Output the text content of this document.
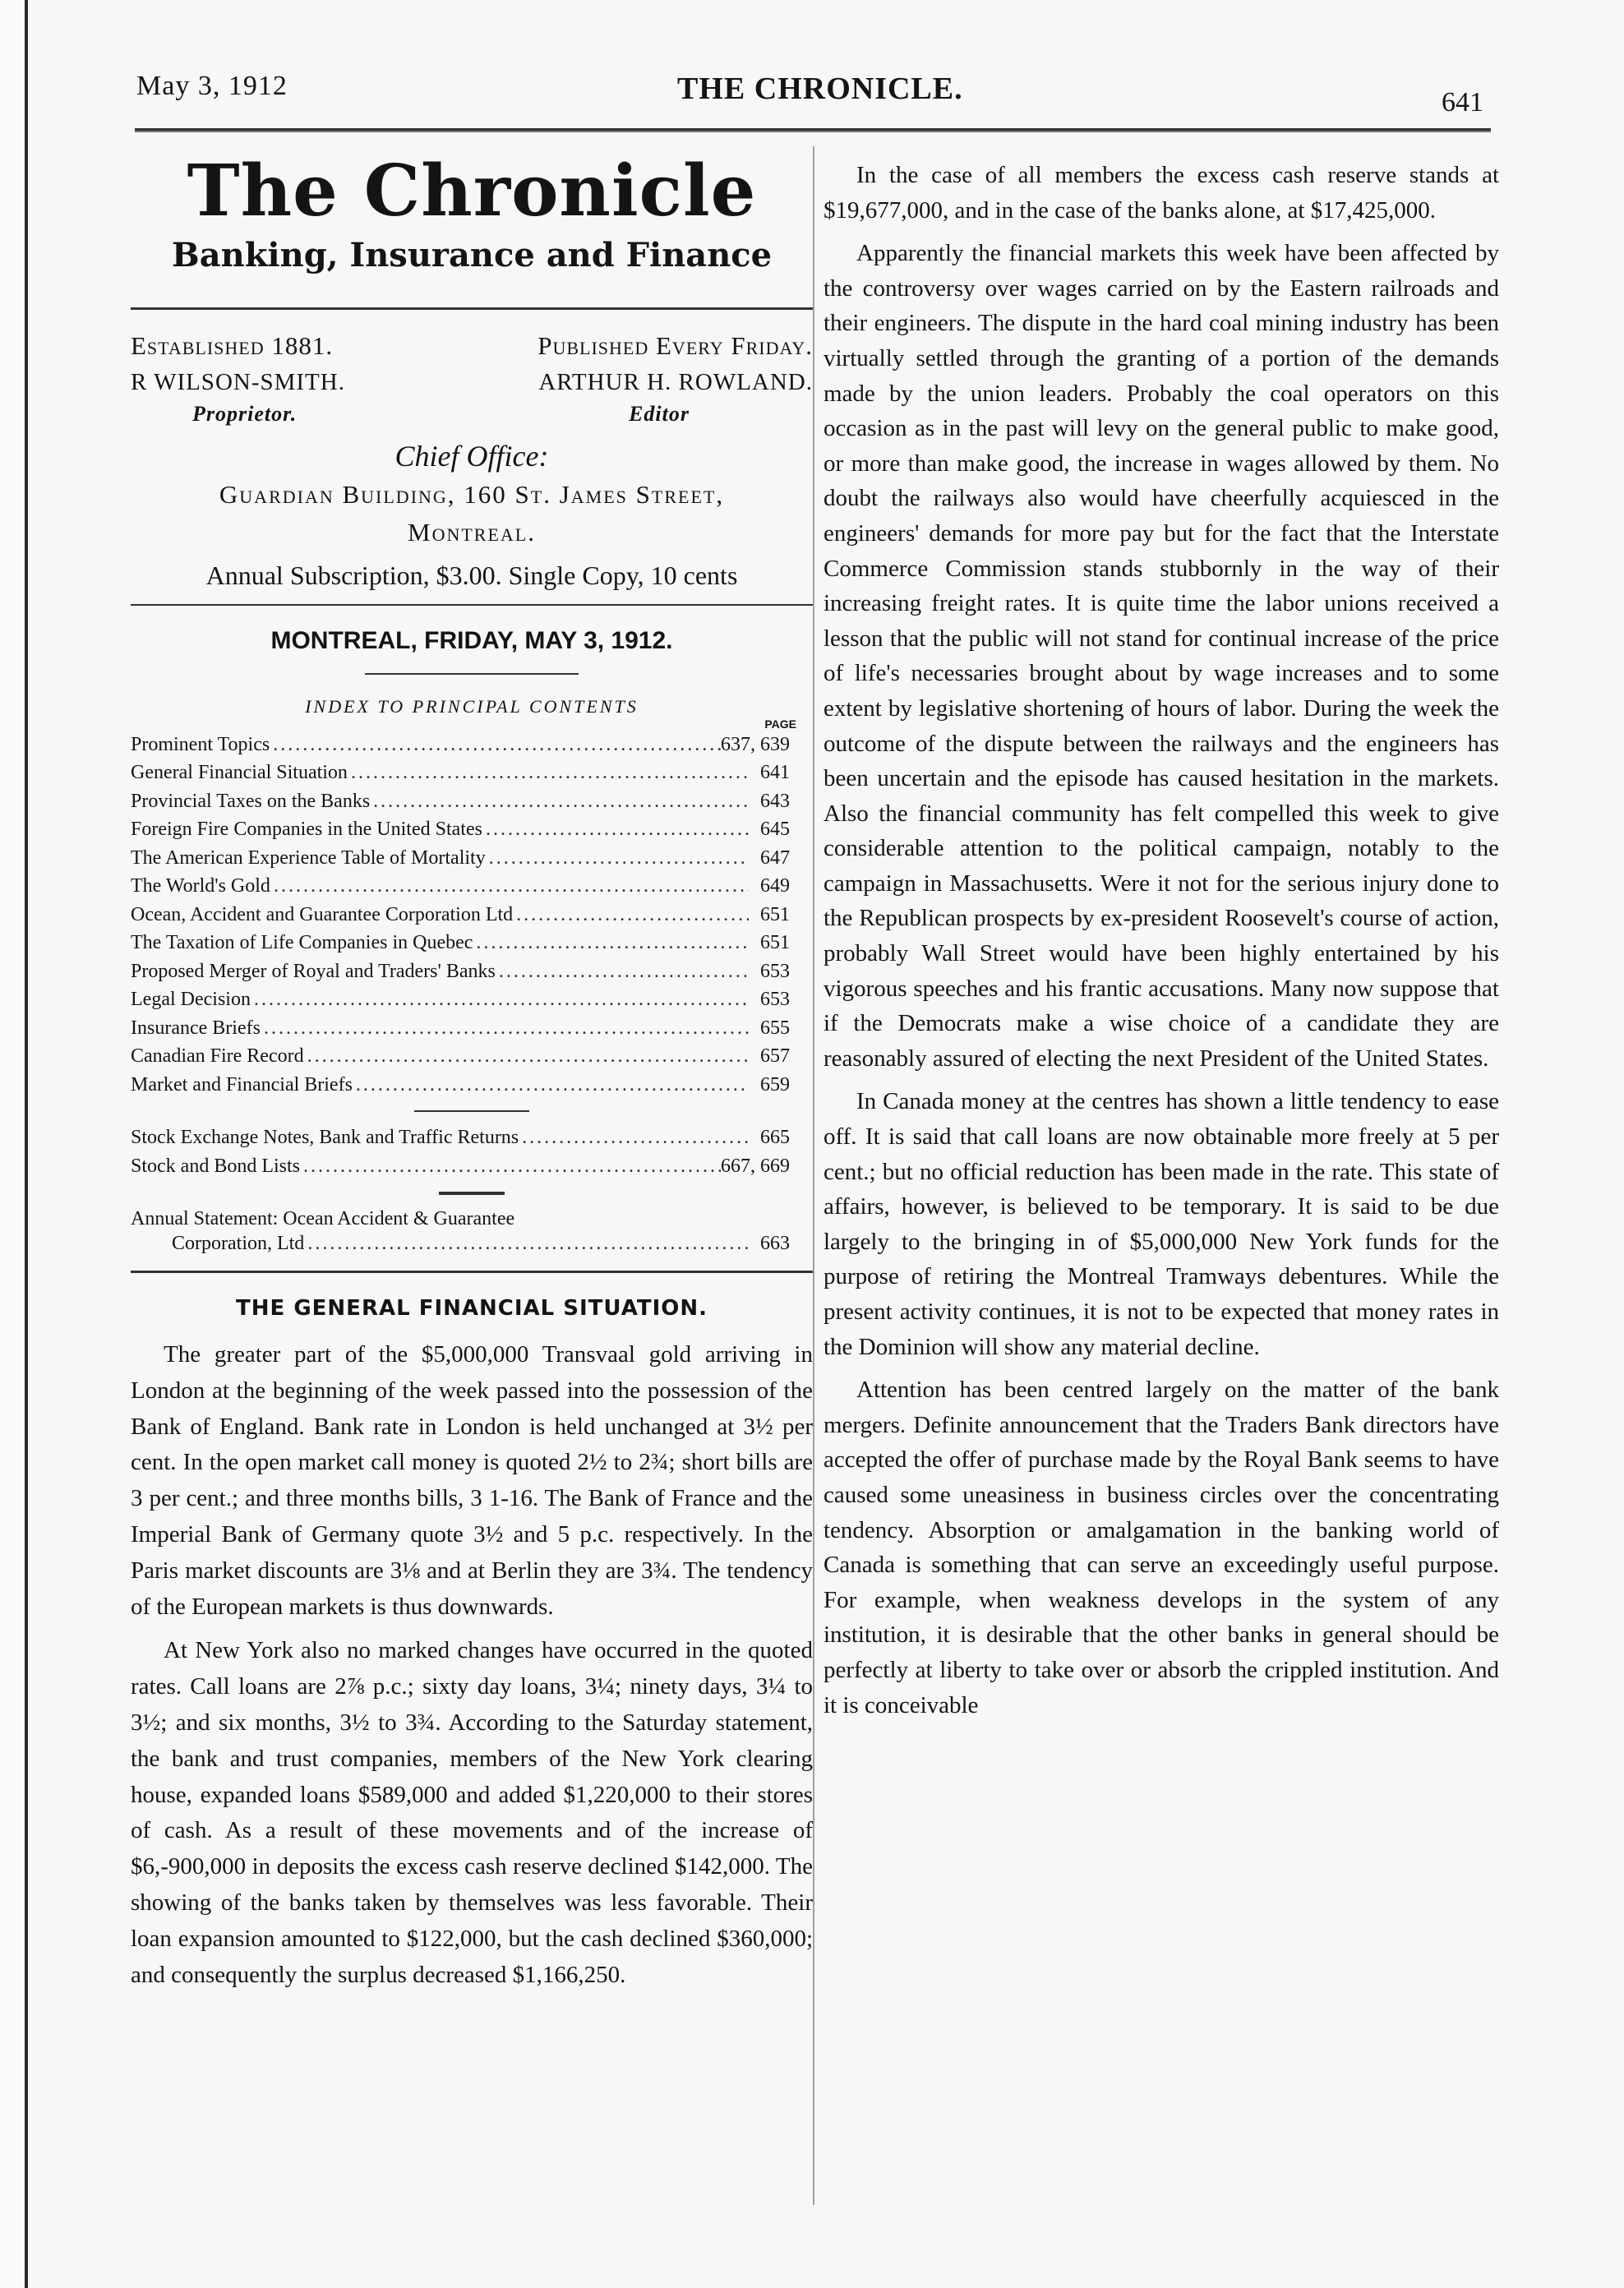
May 3, 1912	THE CHRONICLE.	641
The Chronicle
Banking, Insurance and Finance
Established 1881.	Published Every Friday.
R WILSON-SMITH.	ARTHUR H. ROWLAND.
Proprietor.	Editor
Chief Office:
Guardian Building, 160 St. James Street,
Montreal.
Annual Subscription, $3.00. Single Copy, 10 cents
MONTREAL, FRIDAY, MAY 3, 1912.
INDEX TO PRINCIPAL CONTENTS
PAGE
Prominent Topics .....	637, 639
General Financial Situation .....	641
Provincial Taxes on the Banks .....	643
Foreign Fire Companies in the United States .....	645
The American Experience Table of Mortality .....	647
The World's Gold .....	649
Ocean, Accident and Guarantee Corporation Ltd .....	651
The Taxation of Life Companies in Quebec .....	651
Proposed Merger of Royal and Traders' Banks .....	653
Legal Decision .....	653
Insurance Briefs .....	655
Canadian Fire Record .....	657
Market and Financial Briefs .....	659
Stock Exchange Notes, Bank and Traffic Returns .....	665
Stock and Bond Lists .....	667, 669
Annual Statement: Ocean Accident & Guarantee
Corporation, Ltd .....	663
THE GENERAL FINANCIAL SITUATION.

The greater part of the $5,000,000 Transvaal gold arriving in London at the beginning of the week passed into the possession of the Bank of England. Bank rate in London is held unchanged at 3½ per cent. In the open market call money is quoted 2½ to 2¾; short bills are 3 per cent.; and three months bills, 3 1-16. The Bank of France and the Imperial Bank of Germany quote 3½ and 5 p.c. respectively. In the Paris market discounts are 3⅛ and at Berlin they are 3¾. The tendency of the European markets is thus downwards.

At New York also no marked changes have occurred in the quoted rates. Call loans are 2⅞ p.c.; sixty day loans, 3¼; ninety days, 3¼ to 3½; and six months, 3½ to 3¾. According to the Saturday statement, the bank and trust companies, members of the New York clearing house, expanded loans $589,000 and added $1,220,000 to their stores of cash. As a result of these movements and of the increase of $6,-900,000 in deposits the excess cash reserve declined $142,000. The showing of the banks taken by themselves was less favorable. Their loan expansion amounted to $122,000, but the cash declined $360,000; and consequently the surplus decreased $1,166,250.

In the case of all members the excess cash reserve stands at $19,677,000, and in the case of the banks alone, at $17,425,000.

Apparently the financial markets this week have been affected by the controversy over wages carried on by the Eastern railroads and their engineers. The dispute in the hard coal mining industry has been virtually settled through the granting of a portion of the demands made by the union leaders. Probably the coal operators on this occasion as in the past will levy on the general public to make good, or more than make good, the increase in wages allowed by them. No doubt the railways also would have cheerfully acquiesced in the engineers' demands for more pay but for the fact that the Interstate Commerce Commission stands stubbornly in the way of their increasing freight rates. It is quite time the labor unions received a lesson that the public will not stand for continual increase of the price of life's necessaries brought about by wage increases and to some extent by legislative shortening of hours of labor. During the week the outcome of the dispute between the railways and the engineers has been uncertain and the episode has caused hesitation in the markets. Also the financial community has felt compelled this week to give considerable attention to the political campaign, notably to the campaign in Massachusetts. Were it not for the serious injury done to the Republican prospects by ex-president Roosevelt's course of action, probably Wall Street would have been highly entertained by his vigorous speeches and his frantic accusations. Many now suppose that if the Democrats make a wise choice of a candidate they are reasonably assured of electing the next President of the United States.

In Canada money at the centres has shown a little tendency to ease off. It is said that call loans are now obtainable more freely at 5 per cent.; but no official reduction has been made in the rate. This state of affairs, however, is believed to be temporary. It is said to be due largely to the bringing in of $5,000,000 New York funds for the purpose of retiring the Montreal Tramways debentures. While the present activity continues, it is not to be expected that money rates in the Dominion will show any material decline.

Attention has been centred largely on the matter of the bank mergers. Definite announcement that the Traders Bank directors have accepted the offer of purchase made by the Royal Bank seems to have caused some uneasiness in business circles over the concentrating tendency. Absorption or amalgamation in the banking world of Canada is something that can serve an exceedingly useful purpose. For example, when weakness develops in the system of any institution, it is desirable that the other banks in general should be perfectly at liberty to take over or absorb the crippled institution. And it is conceivable
